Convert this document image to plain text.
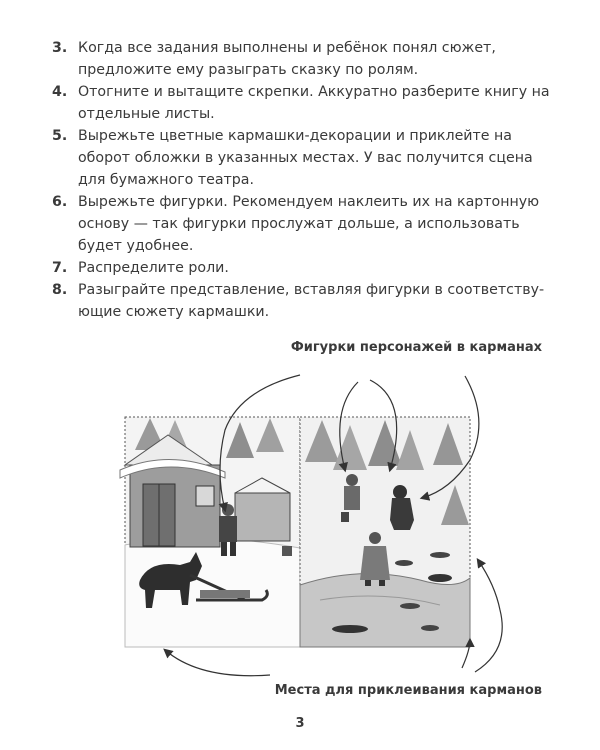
3. Когда все задания выполнены и ребёнок понял сюжет, предложите ему разыграть сказку по ролям.
4. Отогните и вытащите скрепки. Аккуратно разберите книгу на отдельные листы.
5. Вырежьте цветные кармашки-декорации и приклейте на оборот обложки в указанных местах. У вас получится сцена для бумажного театра.
6. Вырежьте фигурки. Рекомендуем наклеить их на картонную основу — так фигурки прослужат дольше, а использовать будет удобнее.
7. Распределите роли.
8. Разыграйте представление, вставляя фигурки в соответству-ющие сюжету кармашки.
Фигурки персонажей в карманах
Места для приклеивания карманов
3
